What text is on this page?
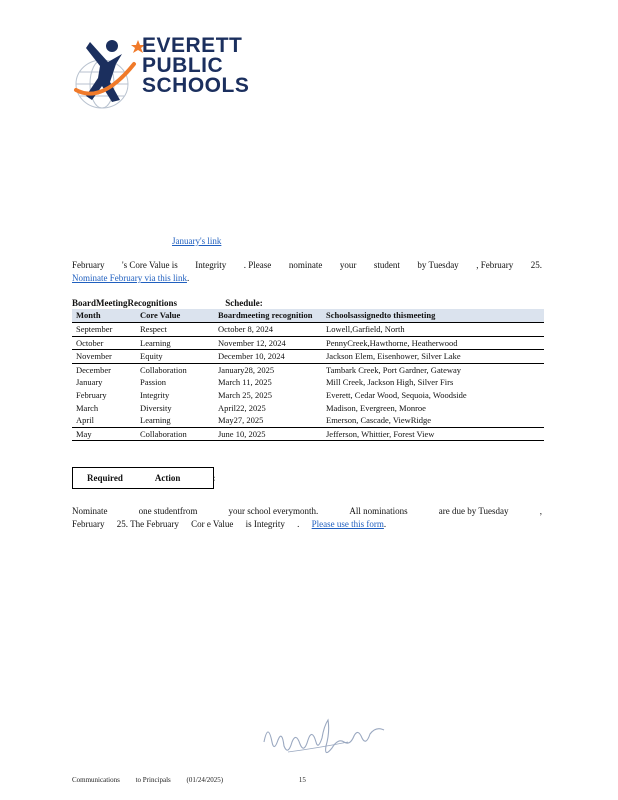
EVERETT
PUBLIC
SCHOOLS
January's link
February 's Core Value is Integrity . Please nominate your student by Tuesday , February 25.
Nominate February via this link.
BoardMeetingRecognitions	Schedule:
Month	Core Value	Boardmeeting recognition	Schoolsassignedto thismeeting
September	Respect	October 8, 2024	Lowell,Garfield, North
October	Learning	November 12, 2024	PennyCreek,Hawthorne, Heatherwood
November	Equity	December 10, 2024	Jackson Elem, Eisenhower, Silver Lake
December	Collaboration	January28, 2025	Tambark Creek, Port Gardner, Gateway
January	Passion	March 11, 2025	Mill Creek, Jackson High, Silver Firs
February	Integrity	March 25, 2025	Everett, Cedar Wood, Sequoia, Woodside
March	Diversity	April22, 2025	Madison, Evergreen, Monroe
April	Learning	May27, 2025	Emerson, Cascade, ViewRidge
May	Collaboration	June 10, 2025	Jefferson, Whittier, Forest View
Required	Action	:
Nominate	one studentfrom	your school everymonth.	All nominations	are due by Tuesday	,
February 25. The February Cor e Value is Integrity . Please use this form.
Communications to Principals (01/24/2025)	15
